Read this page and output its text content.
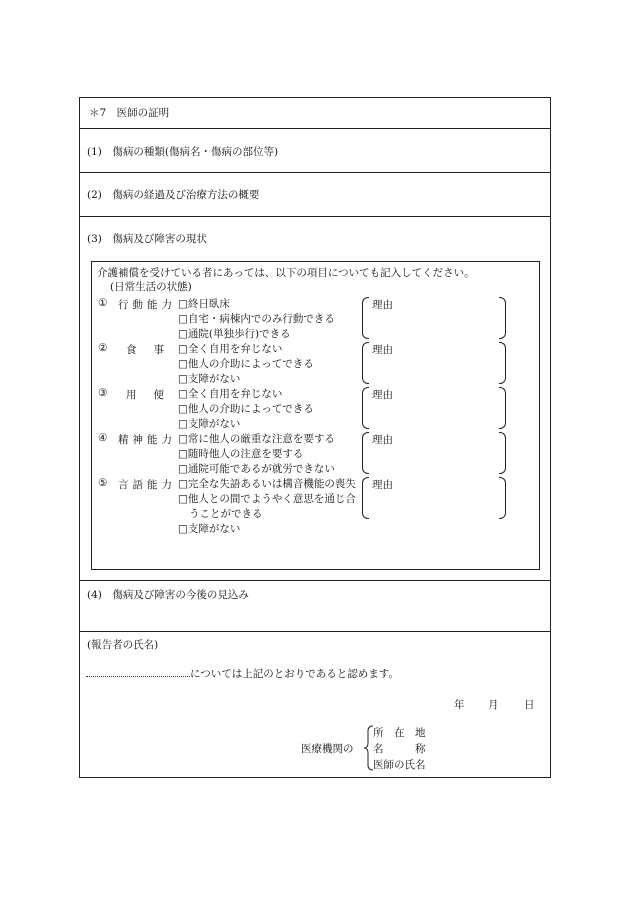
＊7　医師の証明
(1)　傷病の種類(傷病名・傷病の部位等)
(2)　傷病の経過及び治療方法の概要
(3)　傷病及び障害の現状
介護補償を受けている者にあっては、以下の項目についても記入してください。
(日常生活の状態)
① 行 動 能 力 □終日臥床
□自宅・病棟内でのみ行動できる
□通院(単独歩行)できる
理由
② 食 事 □全く自用を弁じない
□他人の介助によってできる
□支障がない
理由
③ 用 便 □全く自用を弁じない
□他人の介助によってできる
□支障がない
理由
④ 精 神 能 力 □常に他人の厳重な注意を要する
□随時他人の注意を要する
□通院可能であるが就労できない
理由
⑤ 言 語 能 力 □完全な失語あるいは構音機能の喪失
□他人との間でようやく意思を通じ合うことができる
□支障がない
理由
(4)　傷病及び障害の今後の見込み
(報告者の氏名)
については上記のとおりであると認めます。
年 月 日
医療機関の
所　在　地
名　　　称
医師の氏名
